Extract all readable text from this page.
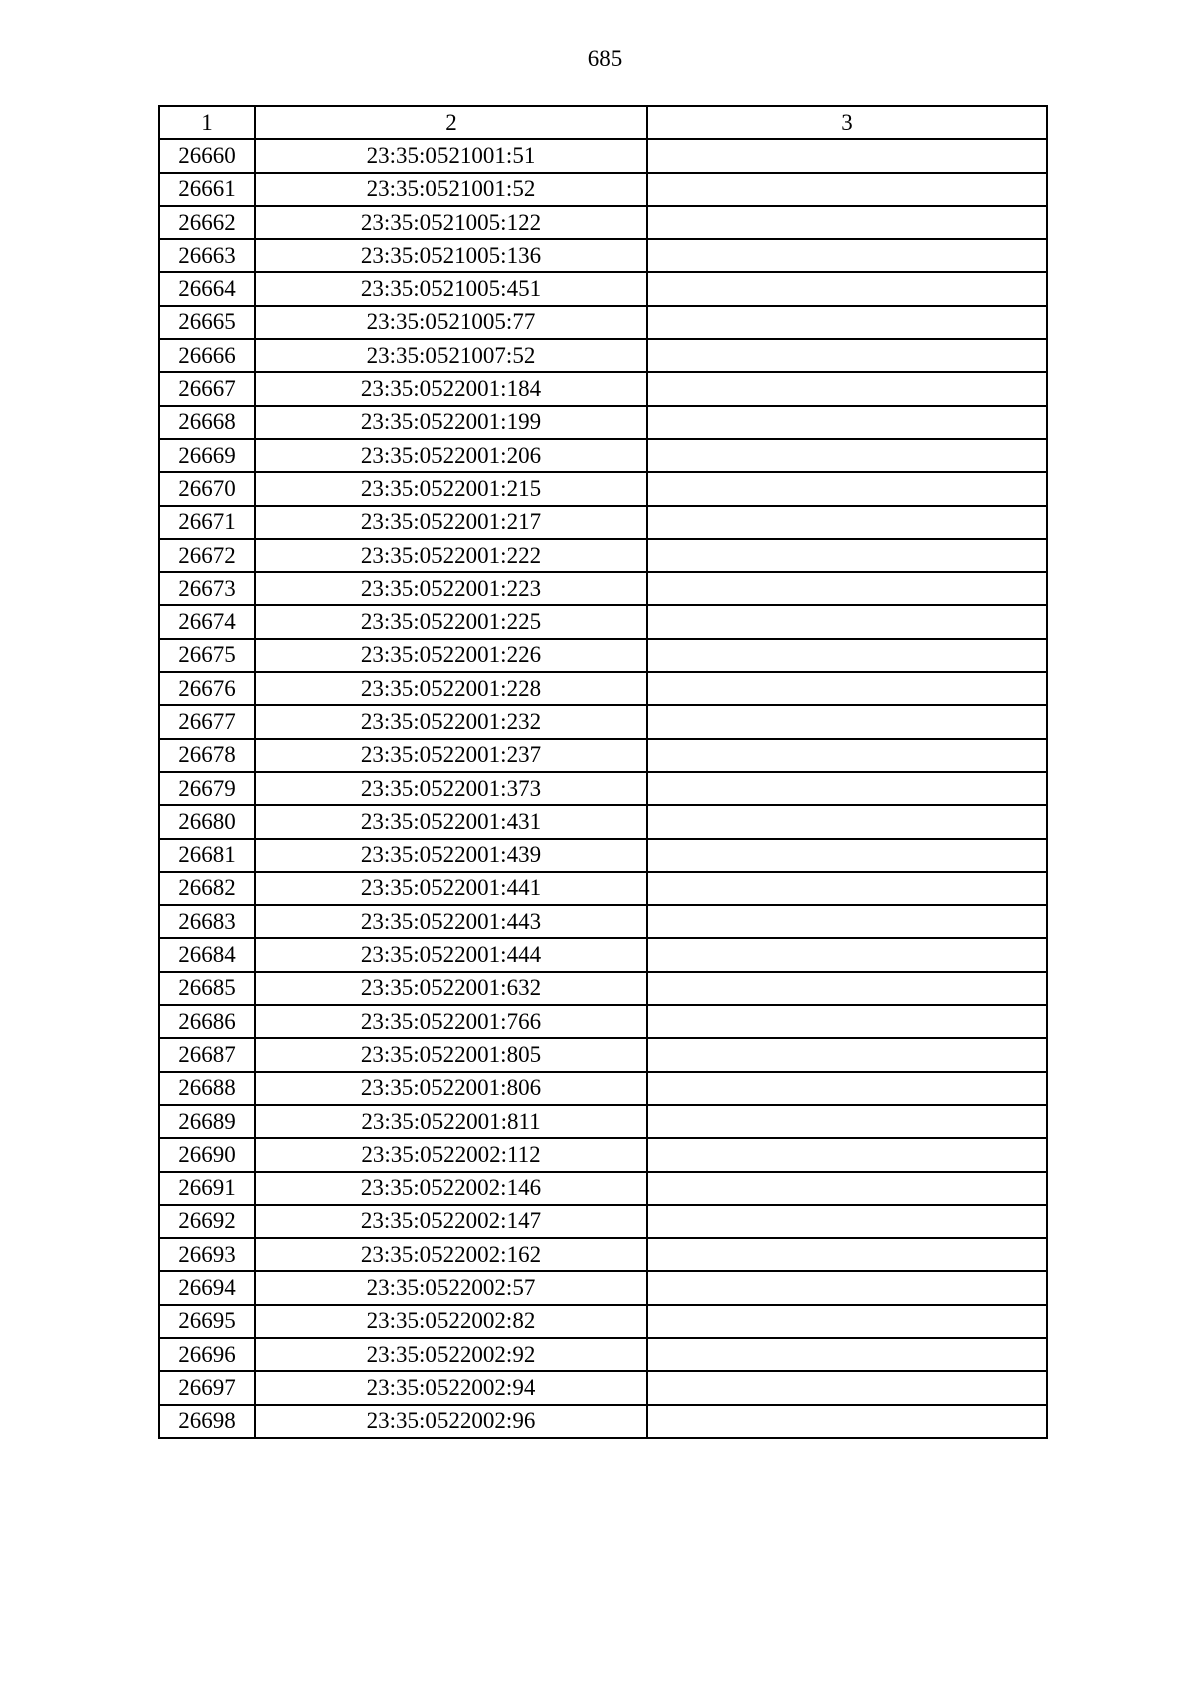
685
1	2	3
26660	23:35:0521001:51	
26661	23:35:0521001:52	
26662	23:35:0521005:122	
26663	23:35:0521005:136	
26664	23:35:0521005:451	
26665	23:35:0521005:77	
26666	23:35:0521007:52	
26667	23:35:0522001:184	
26668	23:35:0522001:199	
26669	23:35:0522001:206	
26670	23:35:0522001:215	
26671	23:35:0522001:217	
26672	23:35:0522001:222	
26673	23:35:0522001:223	
26674	23:35:0522001:225	
26675	23:35:0522001:226	
26676	23:35:0522001:228	
26677	23:35:0522001:232	
26678	23:35:0522001:237	
26679	23:35:0522001:373	
26680	23:35:0522001:431	
26681	23:35:0522001:439	
26682	23:35:0522001:441	
26683	23:35:0522001:443	
26684	23:35:0522001:444	
26685	23:35:0522001:632	
26686	23:35:0522001:766	
26687	23:35:0522001:805	
26688	23:35:0522001:806	
26689	23:35:0522001:811	
26690	23:35:0522002:112	
26691	23:35:0522002:146	
26692	23:35:0522002:147	
26693	23:35:0522002:162	
26694	23:35:0522002:57	
26695	23:35:0522002:82	
26696	23:35:0522002:92	
26697	23:35:0522002:94	
26698	23:35:0522002:96	
